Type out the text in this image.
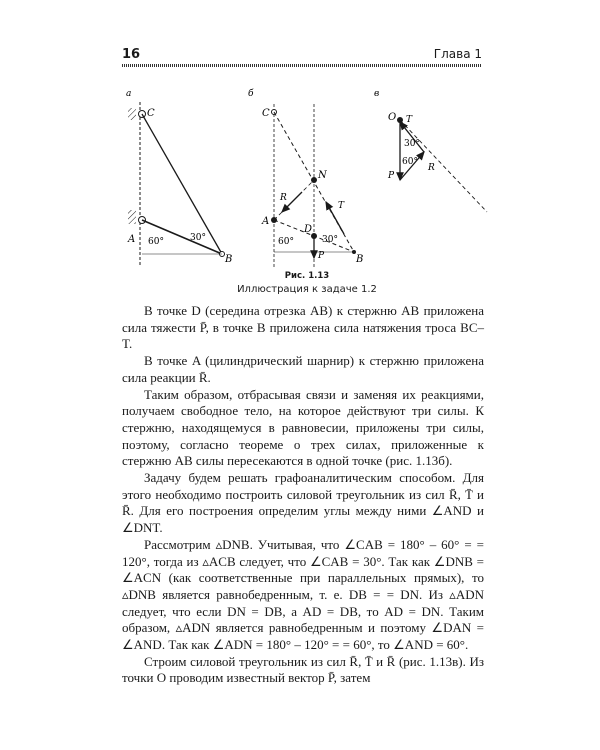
16	Глава 1
а
C
A 60°	30°
B
б
C
N
R
T
A
D
P
60°	30°
B
в
O
P
R
T
30°
60°
Рис. 1.13
Иллюстрация к задаче 1.2

В точке D (середина отрезка AB) к стержню AB приложена сила тяжести P̄, в точке B приложена сила натяжения троса BC–T.

В точке A (цилиндрический шарнир) к стержню приложена сила реакции R̄.

Таким образом, отбрасывая связи и заменяя их реакциями, получаем свободное тело, на которое действуют три силы. К стержню, находящемуся в равновесии, приложены три силы, поэтому, согласно теореме о трех силах, приложенные к стержню AB силы пересекаются в одной точке (рис. 1.13б).

Задачу будем решать графоаналитическим способом. Для этого необходимо построить силовой треугольник из сил R̄, T̄ и R̄. Для его построения определим углы между ними ∠AND и ∠DNT.

Рассмотрим ▵DNB. Учитывая, что ∠CAB = 180° – 60° = = 120°, тогда из ▵ACB следует, что ∠CAB = 30°. Так как ∠DNB = ∠ACN (как соответственные при параллельных прямых), то ▵DNB является равнобедренным, т. е. DB = = DN. Из ▵ADN следует, что если DN = DB, а AD = DB, то AD = DN. Таким образом, ▵ADN является равнобедренным и поэтому ∠DAN = ∠AND. Так как ∠ADN = 180° – 120° = = 60°, то ∠AND = 60°.

Строим силовой треугольник из сил R̄, T̄ и R̄ (рис. 1.13в). Из точки O проводим известный вектор P̄, затем
